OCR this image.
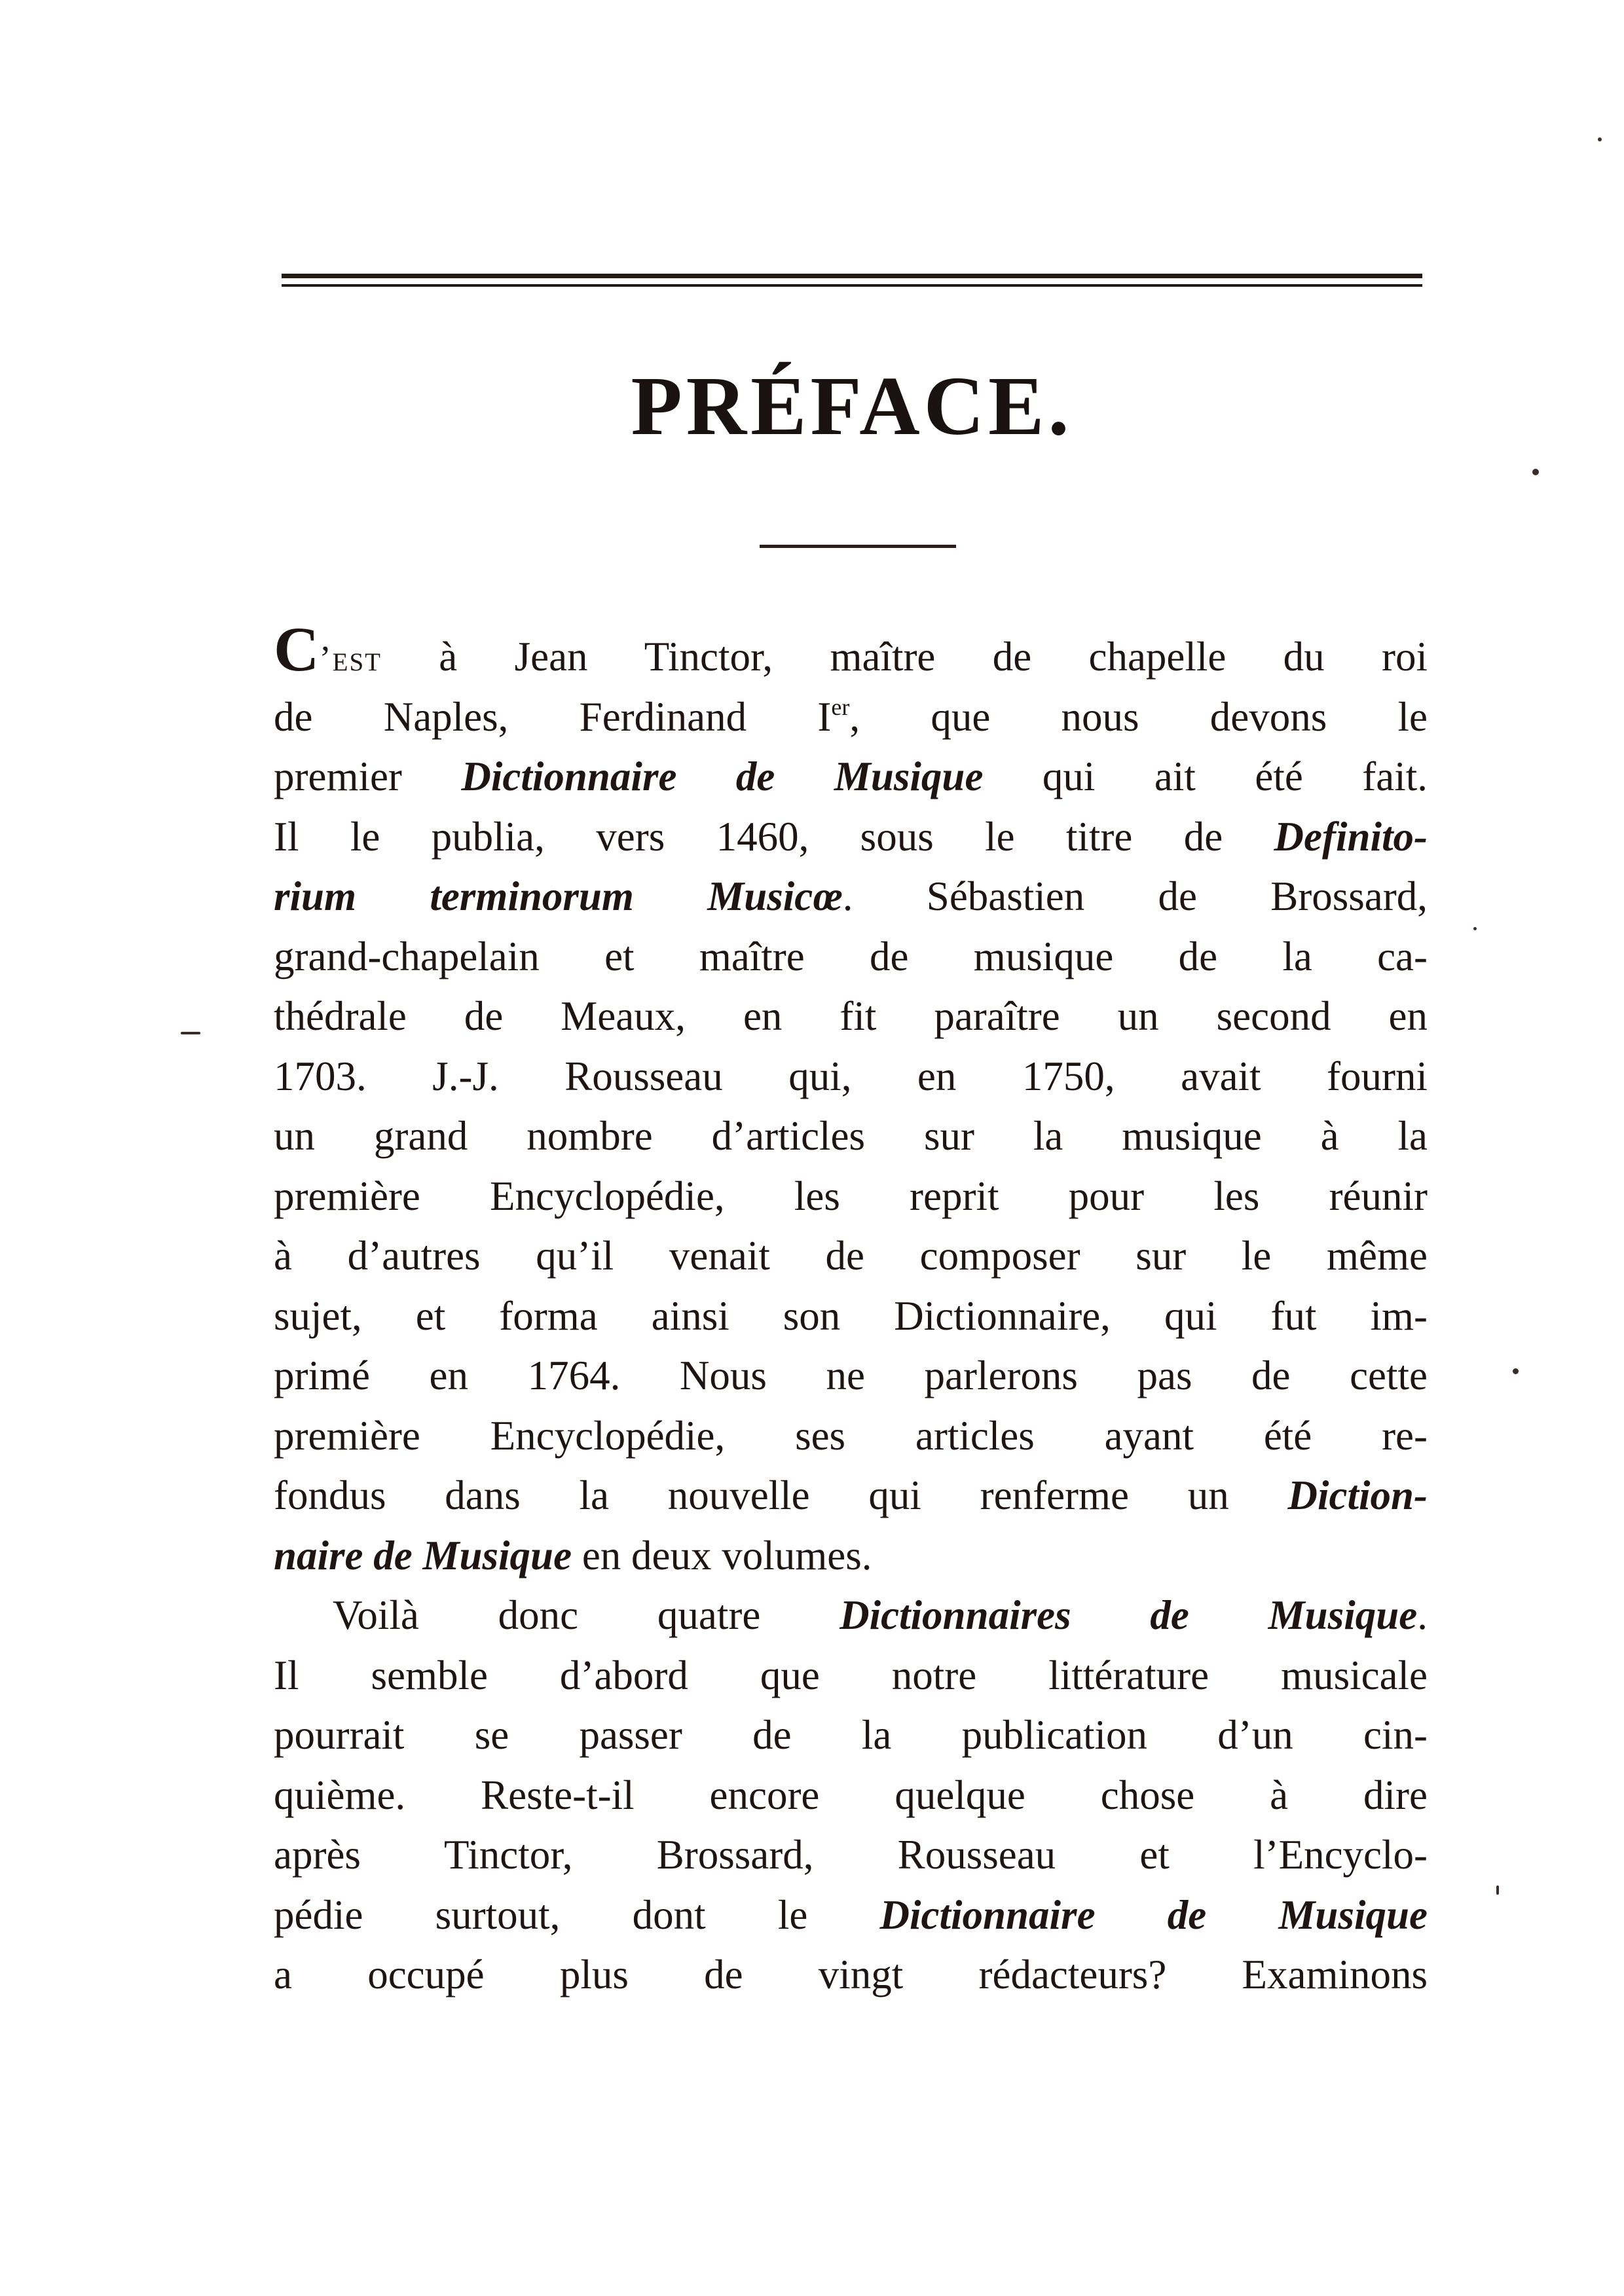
PRÉFACE.
C’est à Jean Tinctor, maître de chapelle du roi
de Naples, Ferdinand Ier, que nous devons le
premier Dictionnaire de Musique qui ait été fait.
Il le publia, vers 1460, sous le titre de Definito-
rium terminorum Musicœ. Sébastien de Brossard,
grand-chapelain et maître de musique de la ca-
thédrale de Meaux, en fit paraître un second en
1703. J.-J. Rousseau qui, en 1750, avait fourni
un grand nombre d’articles sur la musique à la
première Encyclopédie, les reprit pour les réunir
à d’autres qu’il venait de composer sur le même
sujet, et forma ainsi son Dictionnaire, qui fut im-
primé en 1764. Nous ne parlerons pas de cette
première Encyclopédie, ses articles ayant été re-
fondus dans la nouvelle qui renferme un Diction-
naire de Musique en deux volumes.
Voilà donc quatre Dictionnaires de Musique.
Il semble d’abord que notre littérature musicale
pourrait se passer de la publication d’un cin-
quième. Reste-t-il encore quelque chose à dire
après Tinctor, Brossard, Rousseau et l’Encyclo-
pédie surtout, dont le Dictionnaire de Musique
a occupé plus de vingt rédacteurs? Examinons
